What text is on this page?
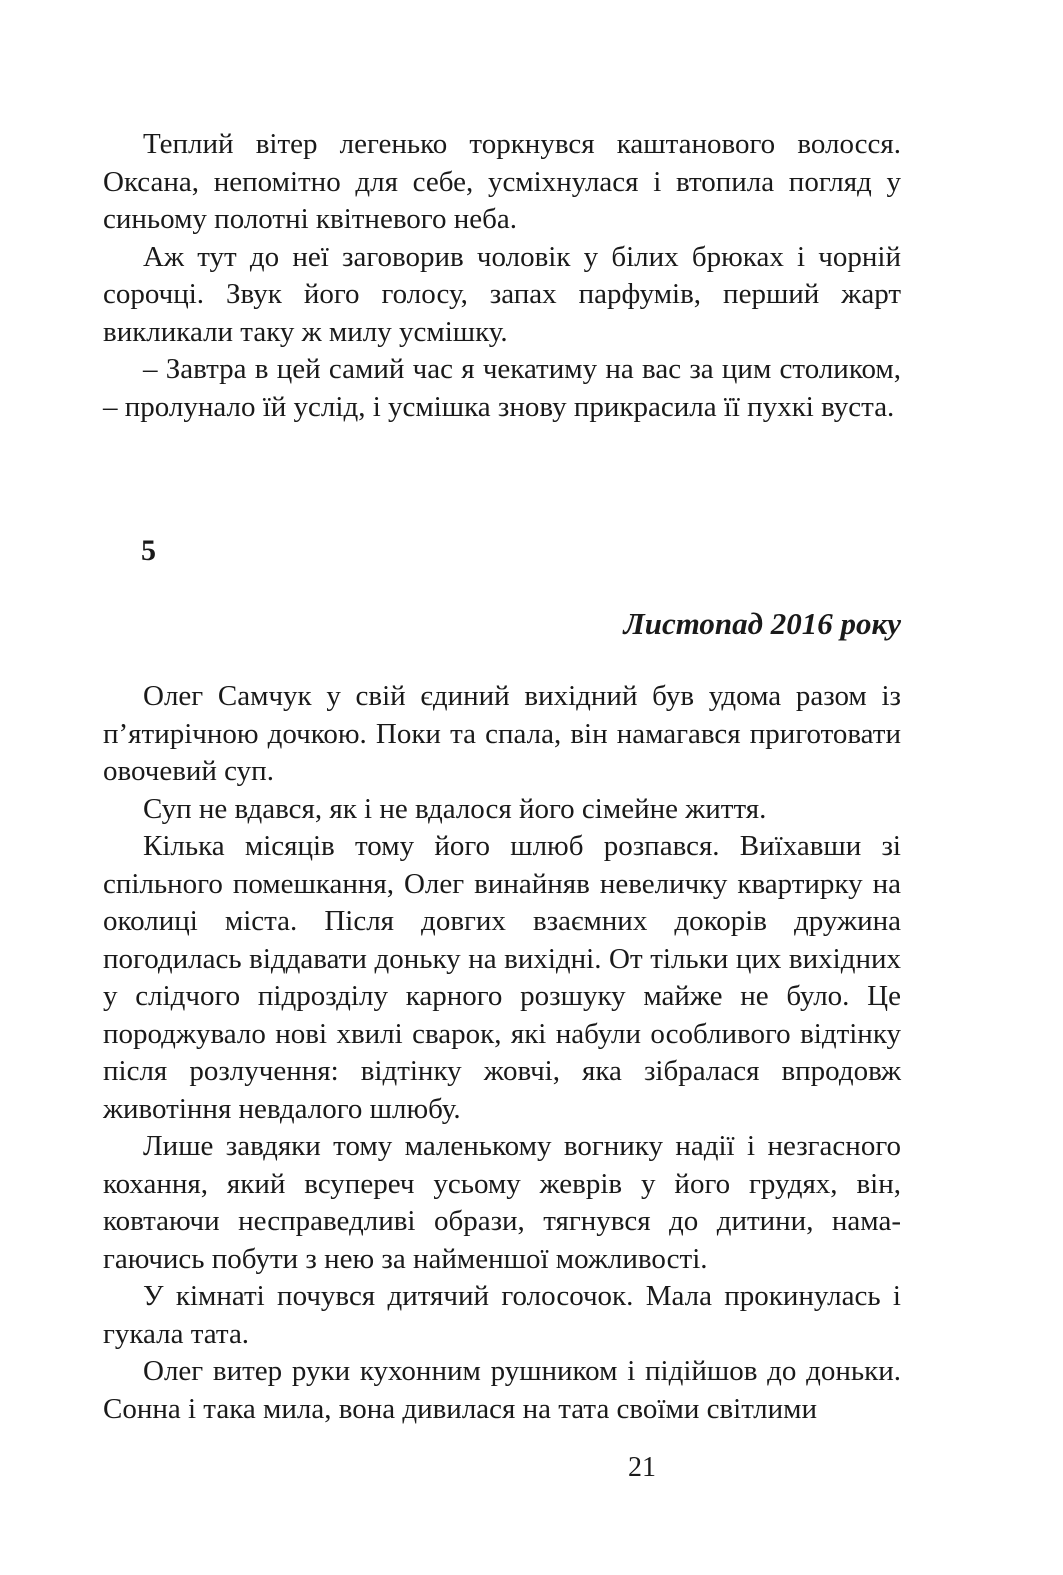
Теплий вітер легенько торкнувся каштанового волосся. Оксана, непомітно для себе, усміхнулася і втопила погляд у синьому полотні квітневого неба.

Аж тут до неї заговорив чоловік у білих брюках і чорній сорочці. Звук його голосу, запах парфумів, перший жарт викликали таку ж милу усмішку.

– Завтра в цей самий час я чекатиму на вас за цим столиком, – пролунало їй услід, і усмішка знову прикрасила її пухкі вуста.

5
Листопад 2016 року

Олег Самчук у свій єдиний вихідний був удома разом із п’ятирічною дочкою. Поки та спала, він намагався приготовати овочевий суп.

Суп не вдався, як і не вдалося його сімейне життя.

Кілька місяців тому його шлюб розпався. Виїхавши зі спільного помешкання, Олег винайняв невеличку квартирку на околиці міста. Після довгих взаємних докорів дружина погодилась віддавати доньку на вихідні. От тільки цих вихідних у слідчого підрозділу карного розшуку майже не було. Це породжувало нові хвилі сварок, які набули особливого відтінку після розлучення: відтінку жовчі, яка зібралася впродовж животіння невдалого шлюбу.

Лише завдяки тому маленькому вогнику надії і незгасного кохання, який всупереч усьому жеврів у його грудях, він, ковтаючи несправедливі образи, тягнувся до дитини, намагаючись побути з нею за найменшої можливості.

У кімнаті почувся дитячий голосочок. Мала прокинулась і гукала тата.

Олег витер руки кухонним рушником і підійшов до доньки. Сонна і така мила, вона дивилася на тата своїми світлими

21
